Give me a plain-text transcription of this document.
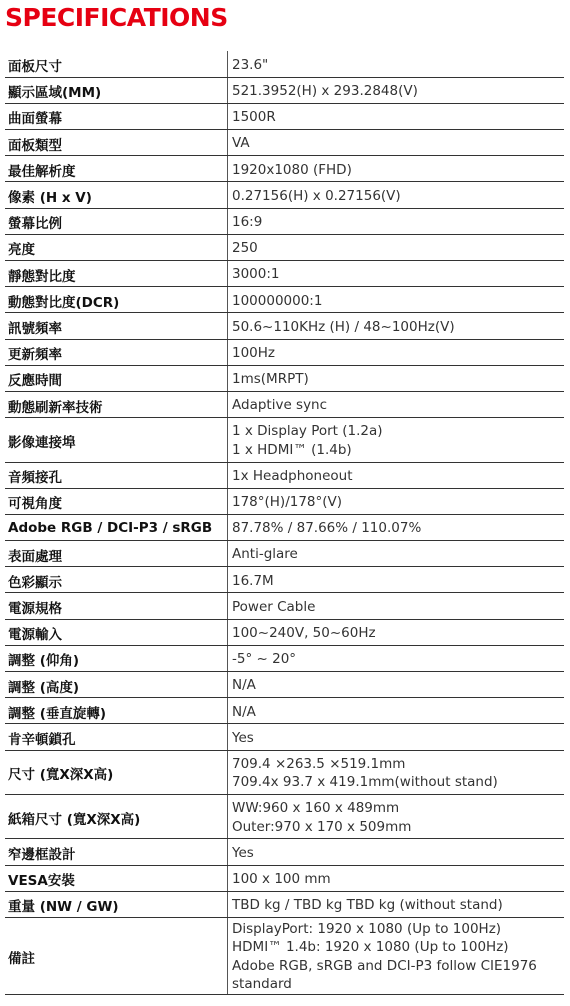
SPECIFICATIONS
面板尺寸	23.6"

顯示區域(MM)	521.3952(H) x 293.2848(V)

曲面螢幕	1500R

面板類型	VA

最佳解析度	1920x1080 (FHD)

像素 (H x V)	0.27156(H) x 0.27156(V)

螢幕比例	16:9

亮度	250

靜態對比度	3000:1

動態對比度(DCR)	100000000:1

訊號頻率	50.6~110KHz (H) / 48~100Hz(V)

更新頻率	100Hz

反應時間	1ms(MRPT)

動態刷新率技術	Adaptive sync

影像連接埠	1 x Display Port (1.2a)
1 x HDMI™ (1.4b)

音頻接孔	1x Headphoneout

可視角度	178°(H)/178°(V)

Adobe RGB / DCI-P3 / sRGB	87.78% / 87.66% / 110.07%

表面處理	Anti-glare

色彩顯示	16.7M

電源規格	Power Cable

電源輸入	100~240V, 50~60Hz

調整 (仰角)	-5° ~ 20°

調整 (高度)	N/A

調整 (垂直旋轉)	N/A

肯辛頓鎖孔	Yes

尺寸 (寬X深X高)	709.4 ×263.5 ×519.1mm
709.4x 93.7 x 419.1mm(without stand)

紙箱尺寸 (寬X深X高)	WW:960 x 160 x 489mm
Outer:970 x 170 x 509mm

窄邊框設計	Yes

VESA安裝	100 x 100 mm

重量 (NW / GW)	TBD kg / TBD kg TBD kg (without stand)

備註	DisplayPort: 1920 x 1080 (Up to 100Hz)
HDMI™ 1.4b: 1920 x 1080 (Up to 100Hz)
Adobe RGB, sRGB and DCI-P3 follow CIE1976
standard
